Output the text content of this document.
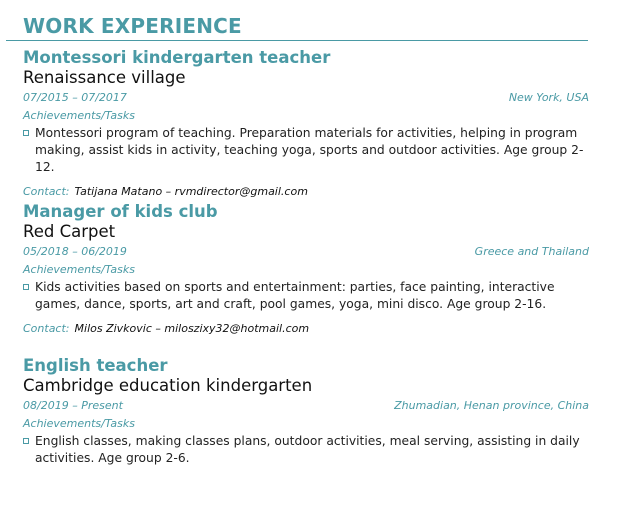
WORK EXPERIENCE
Montessori kindergarten teacher
Renaissance village
07/2015 – 07/2017	New York, USA
Achievements/Tasks
Montessori program of teaching. Preparation materials for activities, helping in program making, assist kids in activity, teaching yoga, sports and outdoor activities. Age group 2-12.
Contact: Tatijana Matano – rvmdirector@gmail.com
Manager of kids club
Red Carpet
05/2018 – 06/2019	Greece and Thailand
Achievements/Tasks
Kids activities based on sports and entertainment: parties, face painting, interactive games, dance, sports, art and craft, pool games, yoga, mini disco. Age group 2-16.
Contact: Milos Zivkovic – miloszixy32@hotmail.com
English teacher
Cambridge education kindergarten
08/2019 – Present	Zhumadian, Henan province, China
Achievements/Tasks
English classes, making classes plans, outdoor activities, meal serving, assisting in daily activities. Age group 2-6.
